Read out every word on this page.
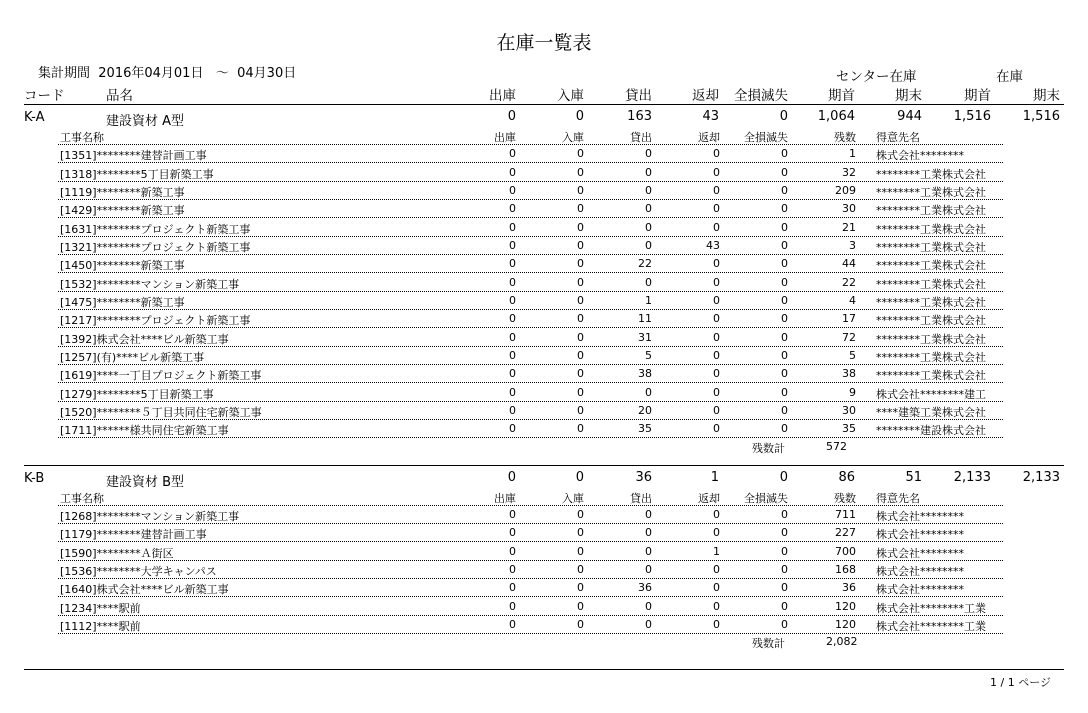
在庫一覧表
集計期間 2016年04月01日 ～ 04月30日	センター在庫	在庫
コード	品名	出庫	入庫	貸出	返却	全損滅失	期首	期末	期首	期末
K-A	建設資材 A型	0	0	163	43	0	1,064	944	1,516	1,516
工事名称	出庫	入庫	貸出	返却	全損滅失	残数 得意先名
[1351]********建替計画工事	0	0	0	0	0	1 株式会社********
[1318]********5丁目新築工事	0	0	0	0	0	32 ********工業株式会社
[1119]********新築工事	0	0	0	0	0	209 ********工業株式会社
[1429]********新築工事	0	0	0	0	0	30 ********工業株式会社
[1631]********プロジェクト新築工事	0	0	0	0	0	21 ********工業株式会社
[1321]********プロジェクト新築工事	0	0	0	43	0	3 ********工業株式会社
[1450]********新築工事	0	0	22	0	0	44 ********工業株式会社
[1532]********マンション新築工事	0	0	0	0	0	22 ********工業株式会社
[1475]********新築工事	0	0	1	0	0	4 ********工業株式会社
[1217]********プロジェクト新築工事	0	0	11	0	0	17 ********工業株式会社
[1392]株式会社****ビル新築工事	0	0	31	0	0	72 ********工業株式会社
[1257](有)****ビル新築工事	0	0	5	0	0	5 ********工業株式会社
[1619]****一丁目プロジェクト新築工事	0	0	38	0	0	38 ********工業株式会社
[1279]********5丁目新築工事	0	0	0	0	0	9 株式会社********建工
[1520]********５丁目共同住宅新築工事	0	0	20	0	0	30 ****建築工業株式会社
[1711]******様共同住宅新築工事	0	0	35	0	0	35 ********建設株式会社
残数計	572
K-B	建設資材 B型	0	0	36	1	0	86	51	2,133	2,133
工事名称	出庫	入庫	貸出	返却	全損滅失	残数 得意先名
[1268]********マンション新築工事	0	0	0	0	0	711 株式会社********
[1179]********建替計画工事	0	0	0	0	0	227 株式会社********
[1590]********Ａ街区	0	0	0	1	0	700 株式会社********
[1536]********大学キャンパス	0	0	0	0	0	168 株式会社********
[1640]株式会社****ビル新築工事	0	0	36	0	0	36 株式会社********
[1234]****駅前	0	0	0	0	0	120 株式会社********工業
[1112]****駅前	0	0	0	0	0	120 株式会社********工業
残数計	2,082
1 / 1 ページ
